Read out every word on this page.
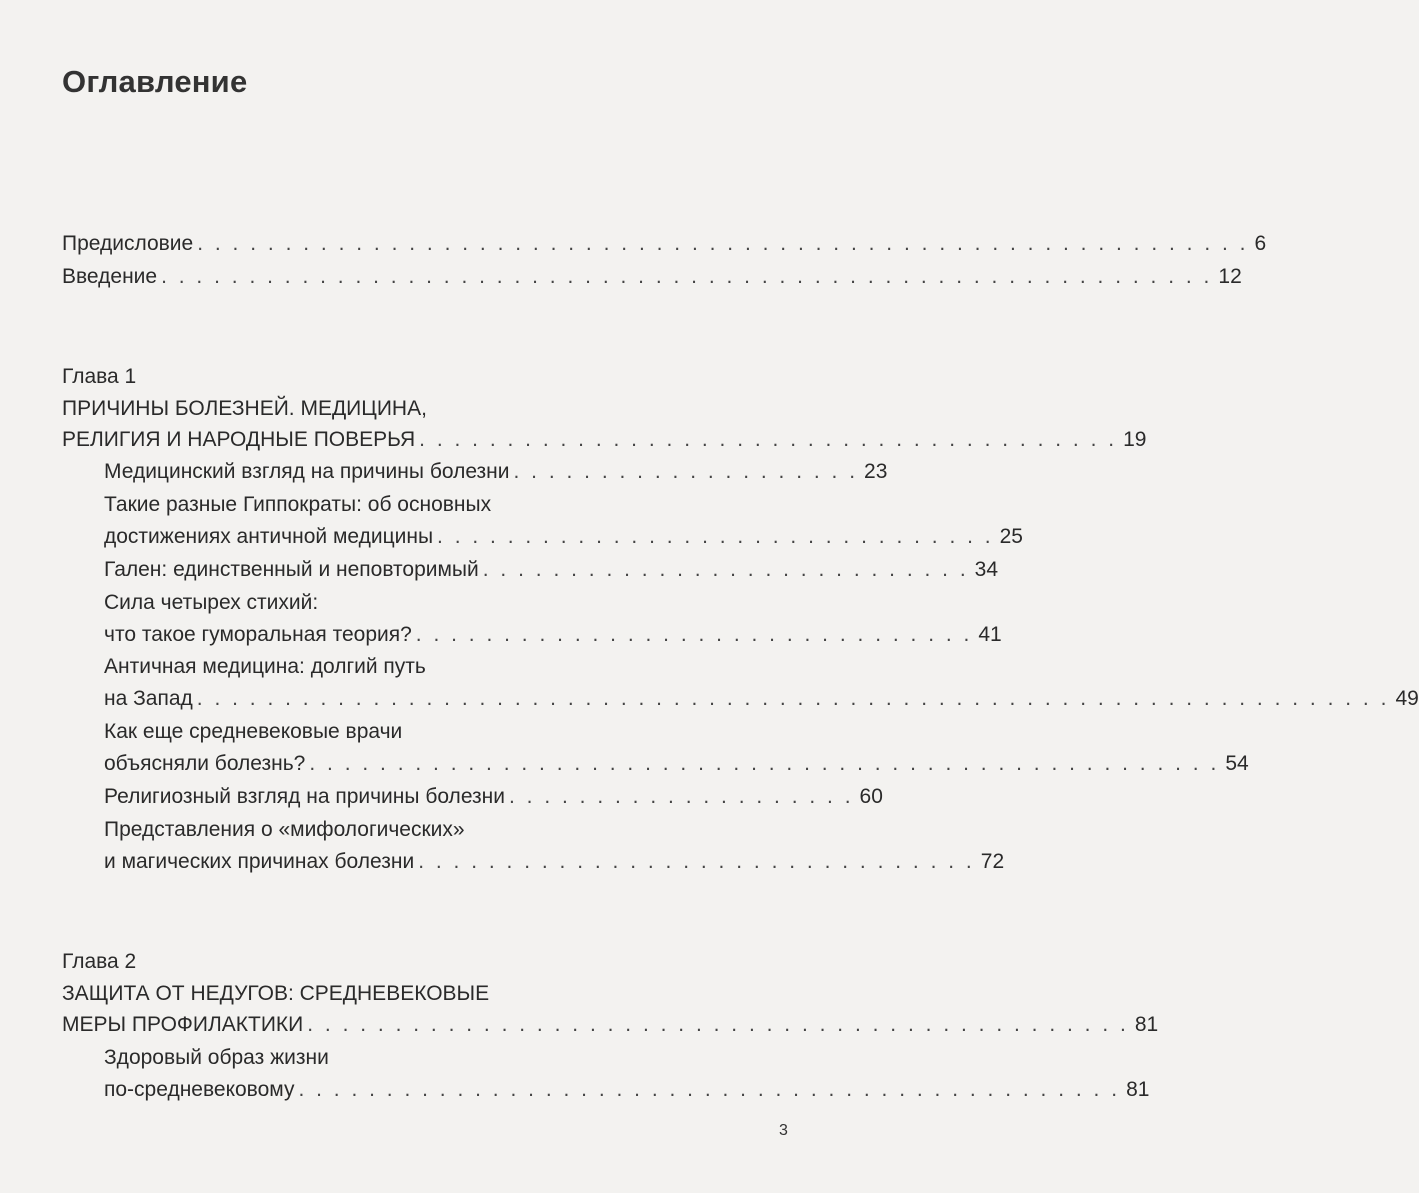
Оглавление
Предисловие . . . . . . . . . . . . . . . . . . . . . . . . . . . . . . . . . . . . . . . . . . . . . . . . . . . . . . . . . . . . 6
Введение . . . . . . . . . . . . . . . . . . . . . . . . . . . . . . . . . . . . . . . . . . . . . . . . . . . . . . . . . . . . 12
Глава 1
ПРИЧИНЫ БОЛЕЗНЕЙ. МЕДИЦИНА,
РЕЛИГИЯ И НАРОДНЫЕ ПОВЕРЬЯ . . . . . . . . . . . . . . . . . . . . . . . . . . . . . . . . . . . . . . . . 19
Медицинский взгляд на причины болезни . . . . . . . . . . . . . . . . . . . . 23
Такие разные Гиппократы: об основных
достижениях античной медицины . . . . . . . . . . . . . . . . . . . . . . . . . . . . . . . . 25
Гален: единственный и неповторимый . . . . . . . . . . . . . . . . . . . . . . . . . . . . 34
Сила четырех стихий:
что такое гуморальная теория? . . . . . . . . . . . . . . . . . . . . . . . . . . . . . . . . 41
Античная медицина: долгий путь
на Запад . . . . . . . . . . . . . . . . . . . . . . . . . . . . . . . . . . . . . . . . . . . . . . . . . . . . . . . . . . . . . . . . . . . . 49
Как еще средневековые врачи
объясняли болезнь? . . . . . . . . . . . . . . . . . . . . . . . . . . . . . . . . . . . . . . . . . . . . . . . . . . . . 54
Религиозный взгляд на причины болезни . . . . . . . . . . . . . . . . . . . . 60
Представления о «мифологических»
и магических причинах болезни . . . . . . . . . . . . . . . . . . . . . . . . . . . . . . . . 72
Глава 2
ЗАЩИТА ОТ НЕДУГОВ: СРЕДНЕВЕКОВЫЕ
МЕРЫ ПРОФИЛАКТИКИ . . . . . . . . . . . . . . . . . . . . . . . . . . . . . . . . . . . . . . . . . . . . . . . 81
Здоровый образ жизни
по-средневековому . . . . . . . . . . . . . . . . . . . . . . . . . . . . . . . . . . . . . . . . . . . . . . . 81
3
